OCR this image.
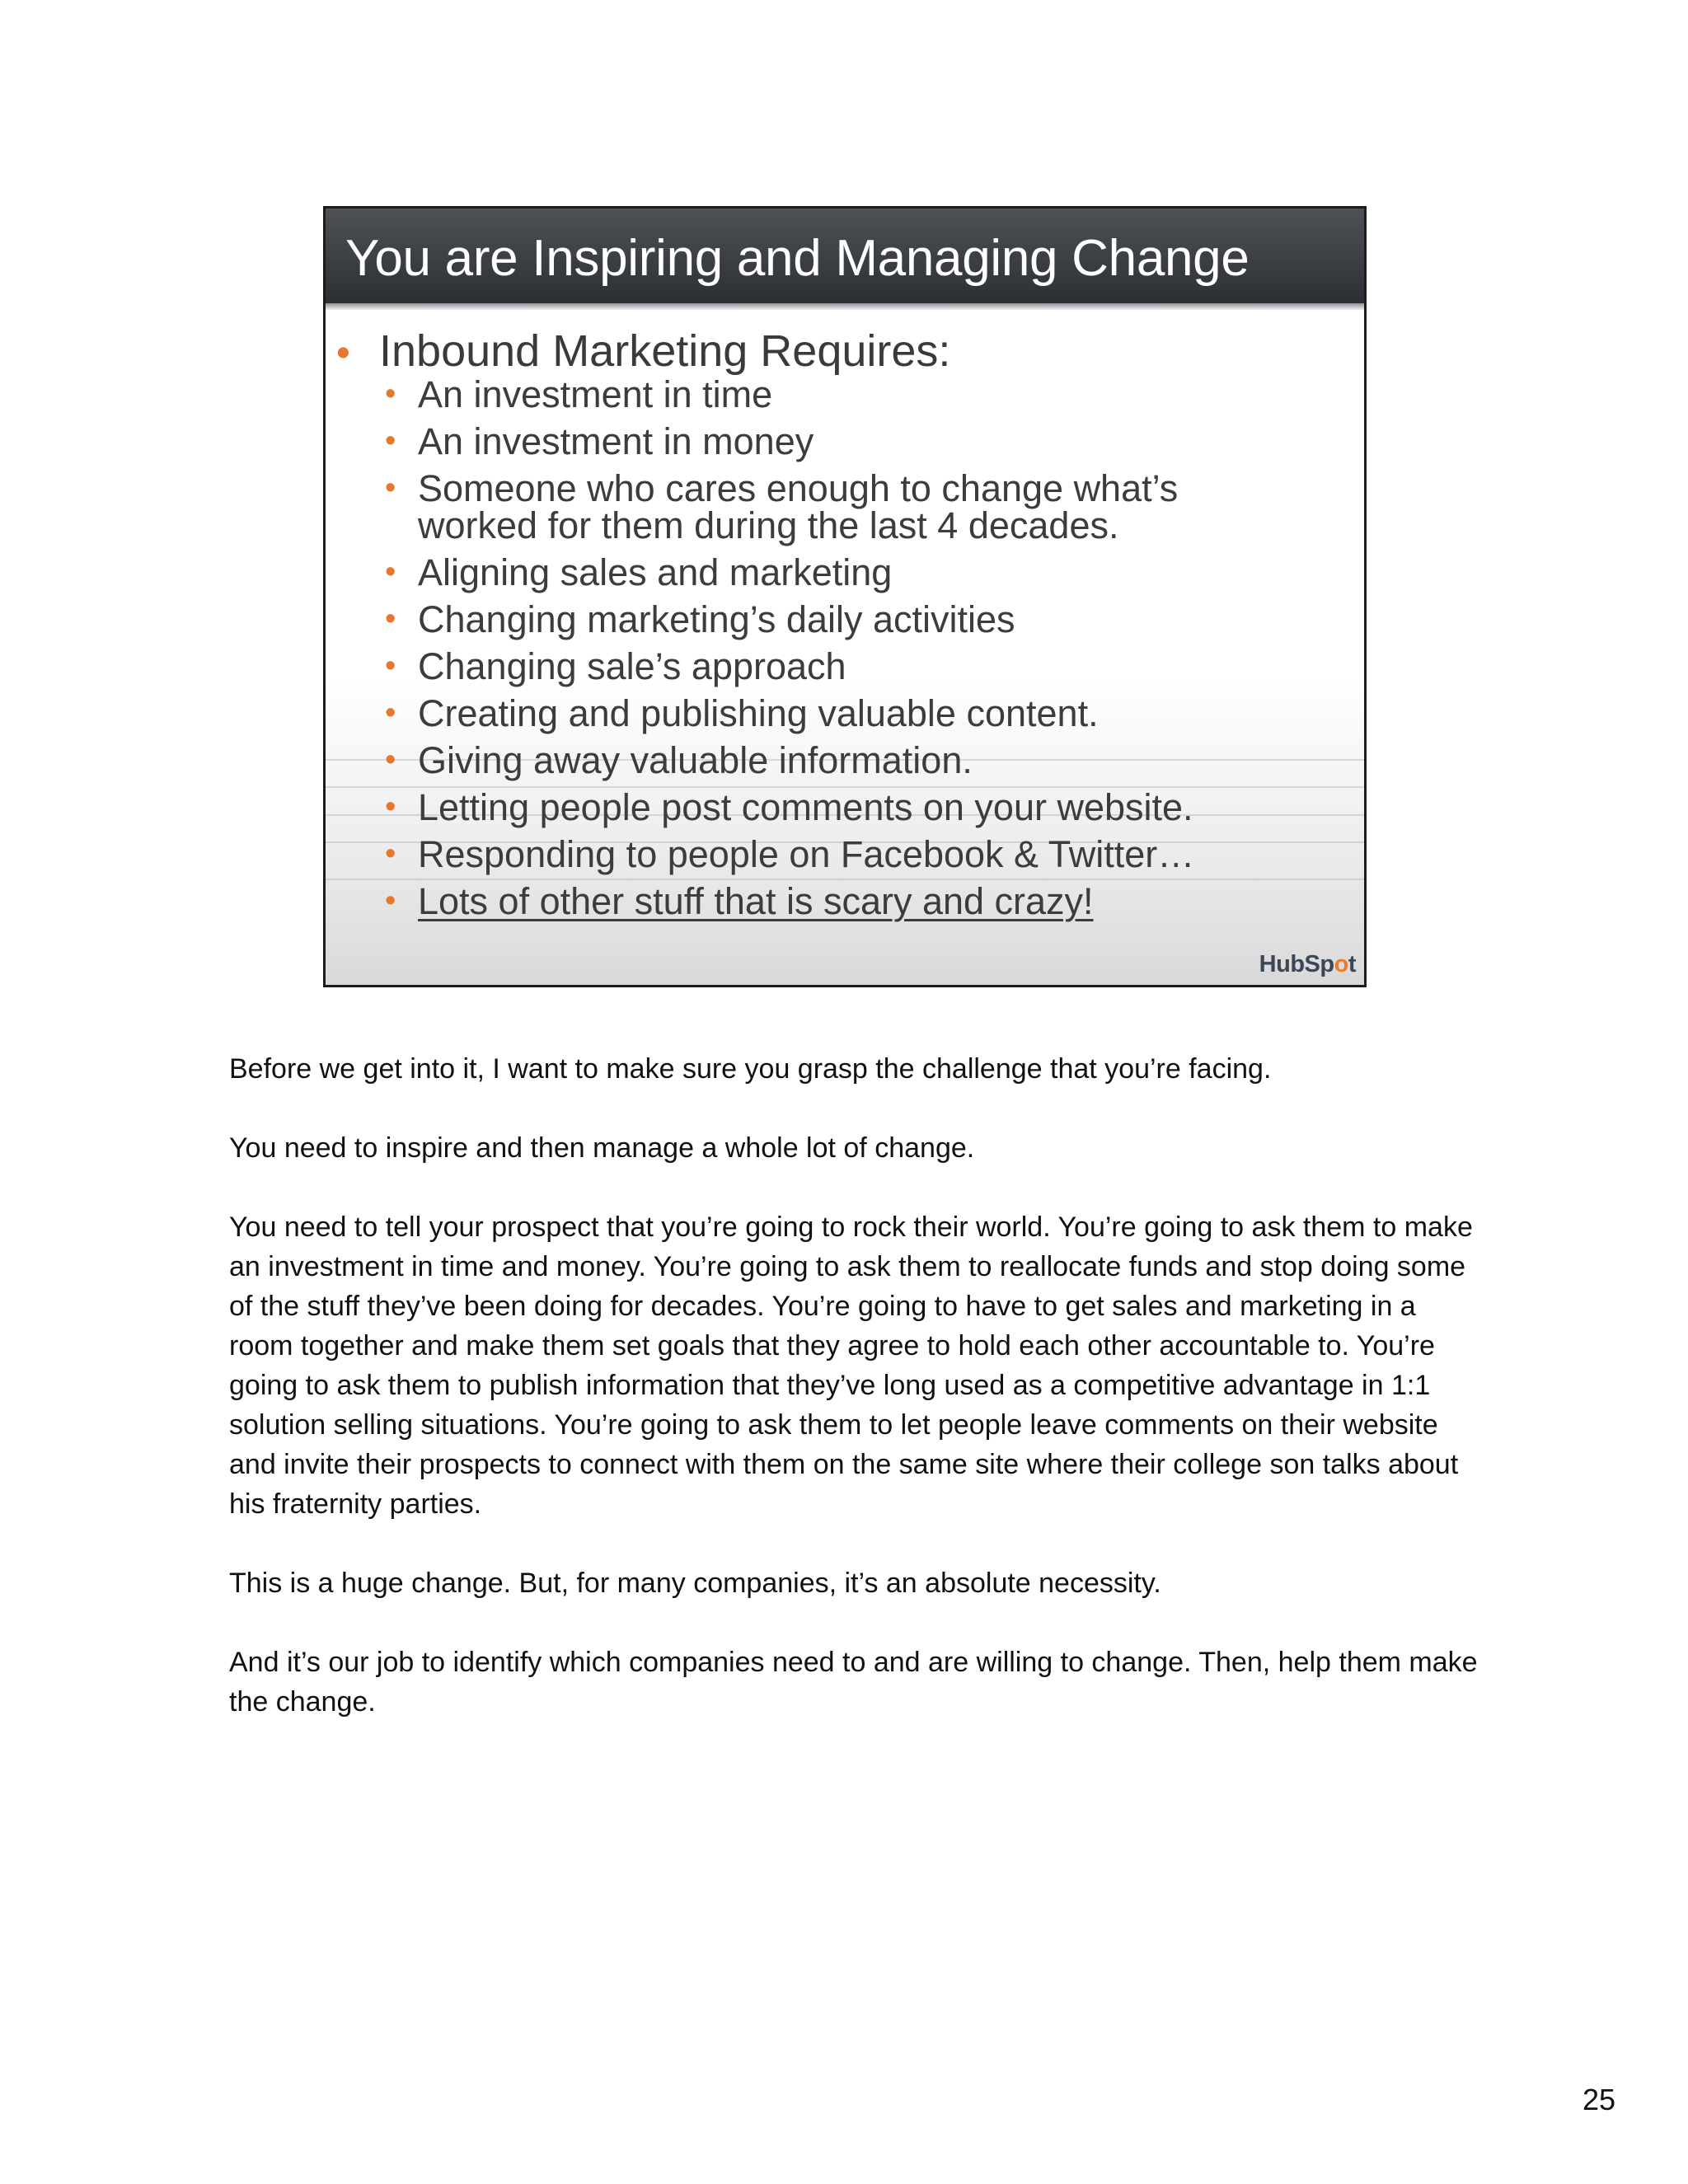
You are Inspiring and Managing Change
• Inbound Marketing Requires:
• An investment in time
• An investment in money
• Someone who cares enough to change what’s
worked for them during the last 4 decades.
• Aligning sales and marketing
• Changing marketing’s daily activities
• Changing sale’s approach
• Creating and publishing valuable content.
• Giving away valuable information.
• Letting people post comments on your website.
• Responding to people on Facebook & Twitter…
• Lots of other stuff that is scary and crazy!
HubSpot

Before we get into it, I want to make sure you grasp the challenge that you’re facing.

You need to inspire and then manage a whole lot of change.

You need to tell your prospect that you’re going to rock their world. You’re going to ask them to make an investment in time and money. You’re going to ask them to reallocate funds and stop doing some of the stuff they’ve been doing for decades. You’re going to have to get sales and marketing in a room together and make them set goals that they agree to hold each other accountable to. You’re going to ask them to publish information that they’ve long used as a competitive advantage in 1:1 solution selling situations. You’re going to ask them to let people leave comments on their website and invite their prospects to connect with them on the same site where their college son talks about his fraternity parties.

This is a huge change. But, for many companies, it’s an absolute necessity.

And it’s our job to identify which companies need to and are willing to change. Then, help them make the change.

25
